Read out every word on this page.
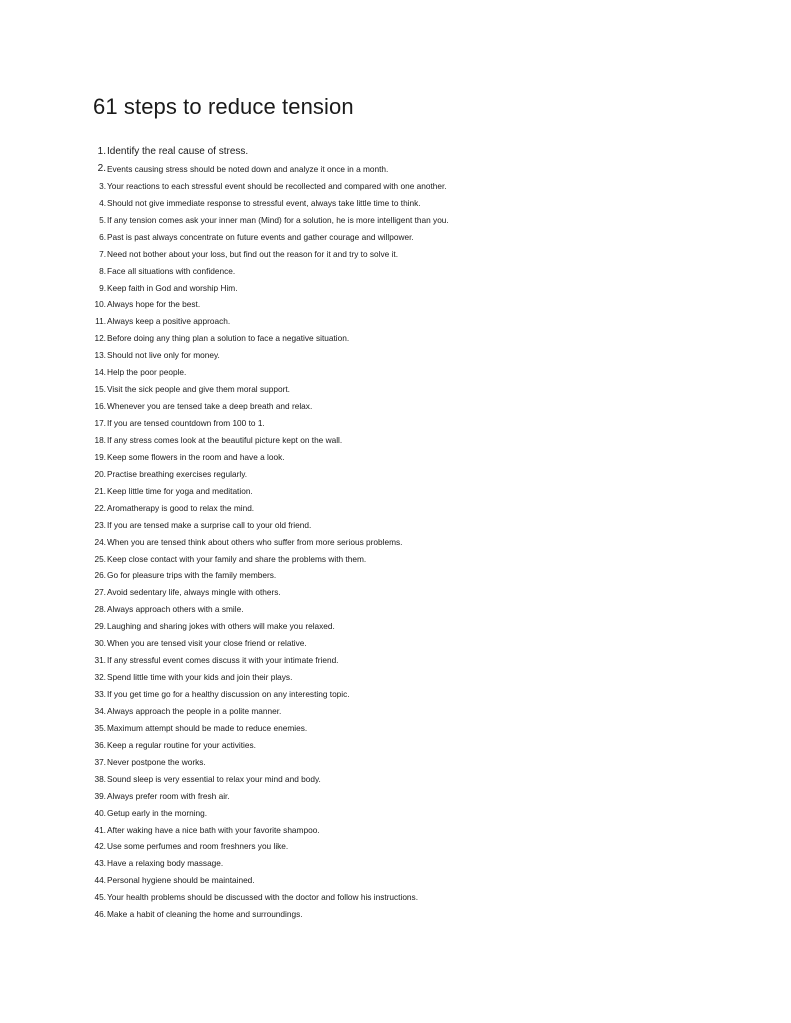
61 steps to reduce tension
1. Identify the real cause of stress.
2. Events causing stress should be noted down and analyze it once in a month.
3. Your reactions to each stressful event should be recollected and compared with one another.
4. Should not give immediate response to stressful event, always take little time to think.
5. If any tension comes ask your inner man (Mind) for a solution, he is more intelligent than you.
6. Past is past always concentrate on future events and gather courage and willpower.
7. Need not bother about your loss, but find out the reason for it and try to solve it.
8. Face all situations with confidence.
9. Keep faith in God and worship Him.
10. Always hope for the best.
11. Always keep a positive approach.
12. Before doing any thing plan a solution to face a negative situation.
13. Should not live only for money.
14. Help the poor people.
15. Visit the sick people and give them moral support.
16. Whenever you are tensed take a deep breath and relax.
17. If you are tensed countdown from 100 to 1.
18. If any stress comes look at the beautiful picture kept on the wall.
19. Keep some flowers in the room and have a look.
20. Practise breathing exercises regularly.
21. Keep little time for yoga and meditation.
22. Aromatherapy is good to relax the mind.
23. If you are tensed make a surprise call to your old friend.
24. When you are tensed think about others who suffer from more serious problems.
25. Keep close contact with your family and share the problems with them.
26. Go for pleasure trips with the family members.
27. Avoid sedentary life, always mingle with others.
28. Always approach others with a smile.
29. Laughing and sharing jokes with others will make you relaxed.
30. When you are tensed visit your close friend or relative.
31. If any stressful event comes discuss it with your intimate friend.
32. Spend little time with your kids and join their plays.
33. If you get time go for a healthy discussion on any interesting topic.
34. Always approach the people in a polite manner.
35. Maximum attempt should be made to reduce enemies.
36. Keep a regular routine for your activities.
37. Never postpone the works.
38. Sound sleep is very essential to relax your mind and body.
39. Always prefer room with fresh air.
40. Getup early in the morning.
41. After waking have a nice bath with your favorite shampoo.
42. Use some perfumes and room freshners you like.
43. Have a relaxing body massage.
44. Personal hygiene should be maintained.
45. Your health problems should be discussed with the doctor and follow his instructions.
46. Make a habit of cleaning the home and surroundings.
